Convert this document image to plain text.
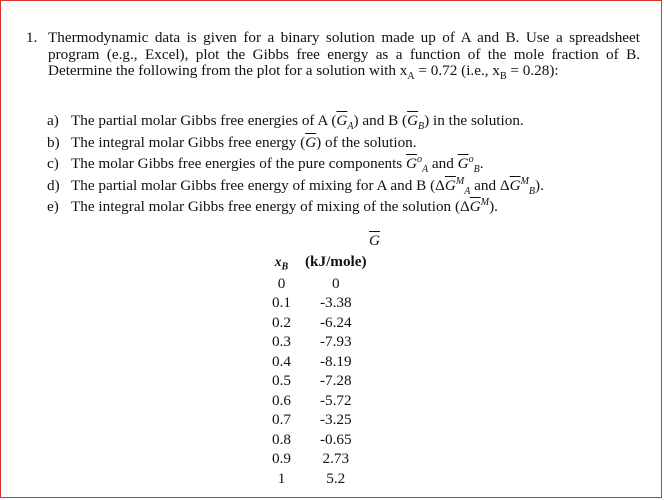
1. Thermodynamic data is given for a binary solution made up of A and B. Use a spreadsheet program (e.g., Excel), plot the Gibbs free energy as a function of the mole fraction of B. Determine the following from the plot for a solution with $x_A = 0.72$ (i.e., $x_B = 0.28$):
a) The partial molar Gibbs free energies of A $(\overline{G}_A)$ and B $(\overline{G}_B)$ in the solution.
b) The integral molar Gibbs free energy $(\overline{G})$ of the solution.
c) The molar Gibbs free energies of the pure components $\overline{G}^o_A$ and $\overline{G}^o_B$.
d) The partial molar Gibbs free energy of mixing for A and B ($\Delta\overline{G}^M_A$ and $\Delta\overline{G}^M_B$).
e) The integral molar Gibbs free energy of mixing of the solution $(\Delta\overline{G}^M)$.
$\overline{G}$
$x_B$	(kJ/mole)
0	0
0.1	-3.38
0.2	-6.24
0.3	-7.93
0.4	-8.19
0.5	-7.28
0.6	-5.72
0.7	-3.25
0.8	-0.65
0.9	2.73
1	5.2
